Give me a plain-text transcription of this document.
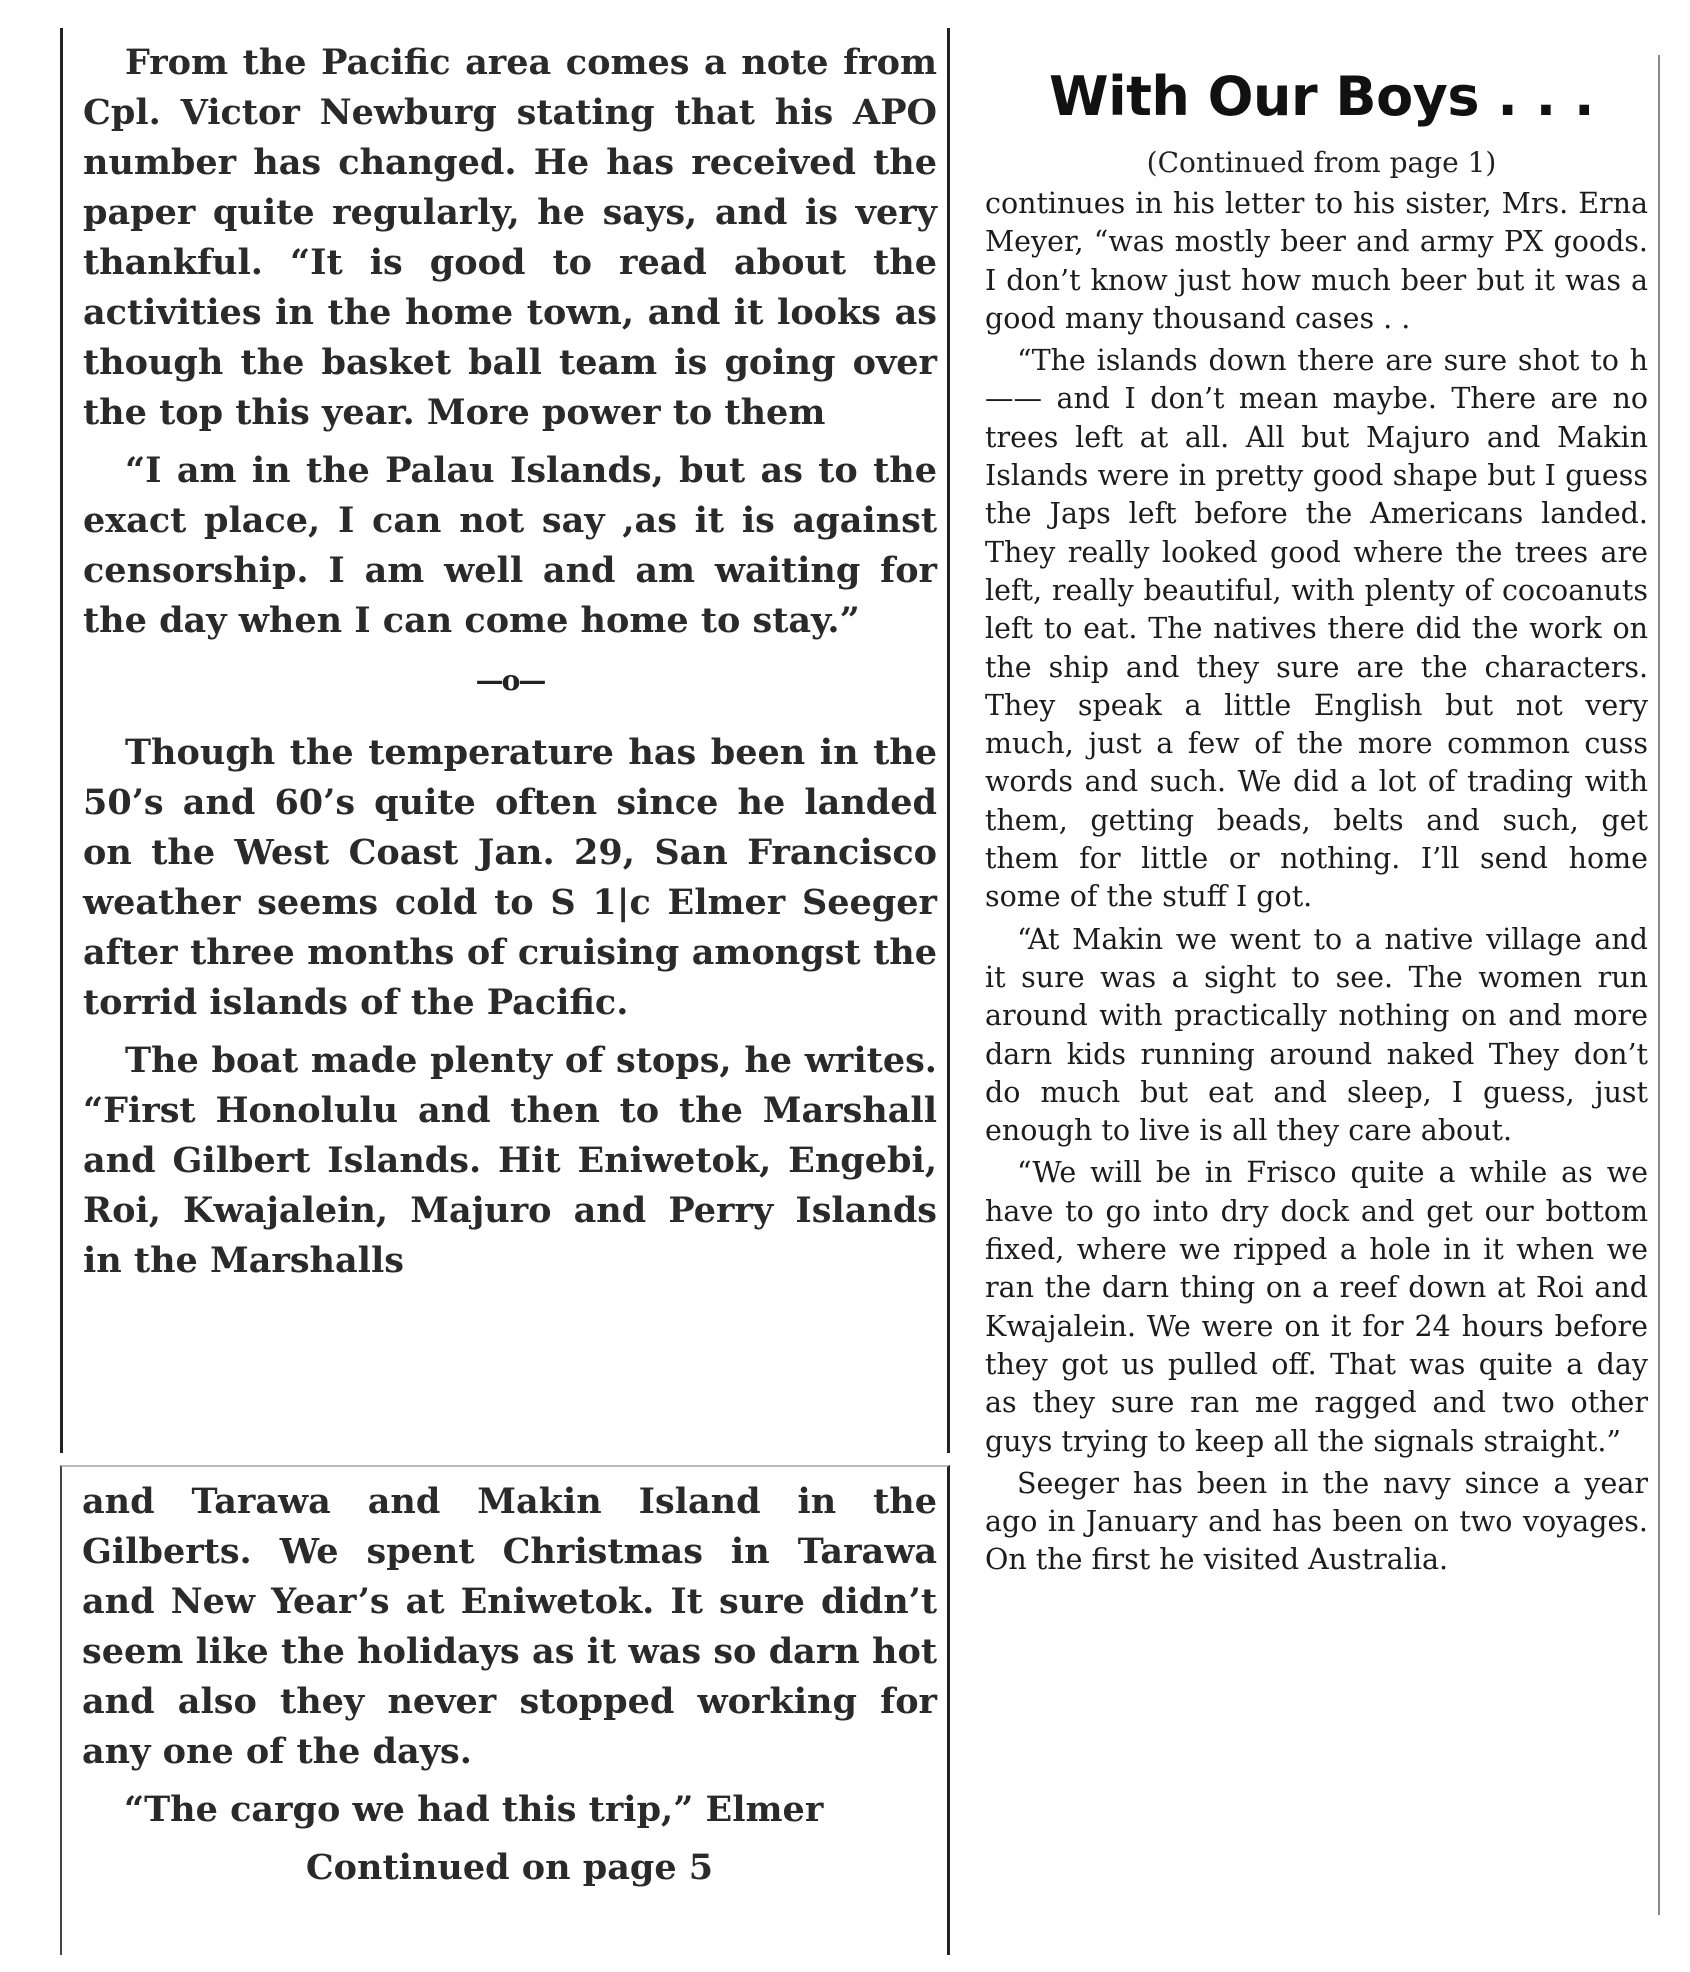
From the Pacific area comes a note from Cpl. Victor Newburg stating that his APO number has changed. He has received the paper quite regularly, he says, and is very thankful. “It is good to read about the activities in the home town, and it looks as though the basket ball team is going over the top this year. More power to them

“I am in the Palau Islands, but as to the exact place, I can not say ,as it is against censorship. I am well and am waiting for the day when I can come home to stay.”

—o—

Though the temperature has been in the 50’s and 60’s quite often since he landed on the West Coast Jan. 29, San Francisco weather seems cold to S 1|c Elmer Seeger after three months of cruising amongst the torrid islands of the Pacific.

The boat made plenty of stops, he writes. “First Honolulu and then to the Marshall and Gilbert Islands. Hit Eniwetok, Engebi, Roi, Kwajalein, Majuro and Perry Islands in the Marshalls

and Tarawa and Makin Island in the Gilberts. We spent Christmas in Tarawa and New Year’s at Eniwetok. It sure didn’t seem like the holidays as it was so darn hot and also they never stopped working for any one of the days.

“The cargo we had this trip,” Elmer

Continued on page 5

With Our Boys . . .
(Continued from page 1)

continues in his letter to his sister, Mrs. Erna Meyer, “was mostly beer and army PX goods. I don’t know just how much beer but it was a good many thousand cases . .

“The islands down there are sure shot to h—— and I don’t mean maybe. There are no trees left at all. All but Majuro and Makin Islands were in pretty good shape but I guess the Japs left before the Americans landed. They really looked good where the trees are left, really beautiful, with plenty of cocoanuts left to eat. The natives there did the work on the ship and they sure are the characters. They speak a little English but not very much, just a few of the more common cuss words and such. We did a lot of trading with them, getting beads, belts and such, get them for little or nothing. I’ll send home some of the stuff I got.

“At Makin we went to a native village and it sure was a sight to see. The women run around with practically nothing on and more darn kids running around naked They don’t do much but eat and sleep, I guess, just enough to live is all they care about.

“We will be in Frisco quite a while as we have to go into dry dock and get our bottom fixed, where we ripped a hole in it when we ran the darn thing on a reef down at Roi and Kwajalein. We were on it for 24 hours before they got us pulled off. That was quite a day as they sure ran me ragged and two other guys trying to keep all the signals straight.”

Seeger has been in the navy since a year ago in January and has been on two voyages. On the first he visited Australia.
